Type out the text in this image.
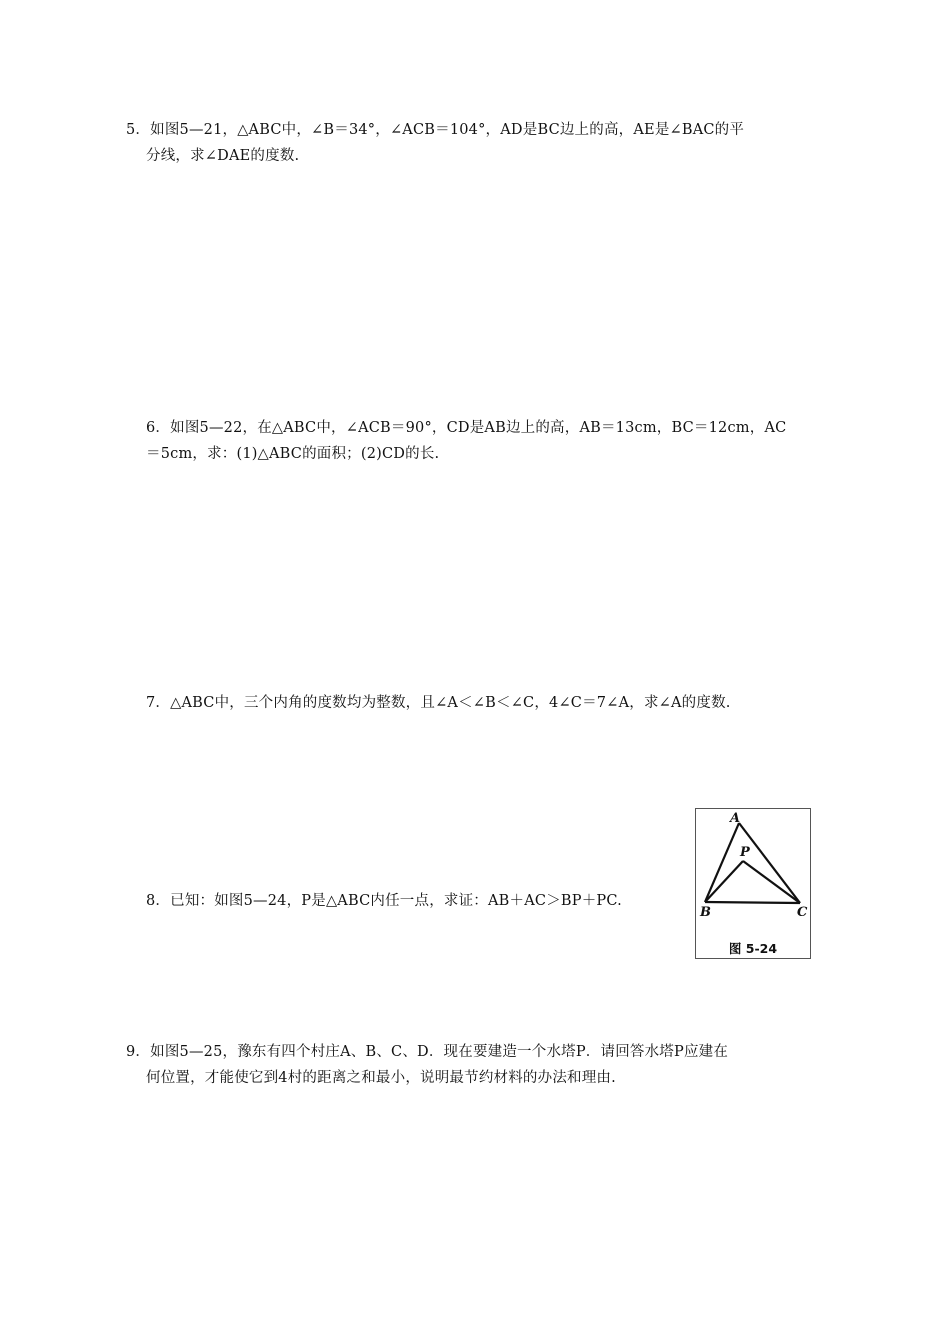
5．如图5—21，△ABC中，∠B＝34°，∠ACB＝104°，AD是BC边上的高，AE是∠BAC的平
分线，求∠DAE的度数.
6．如图5—22，在△ABC中，∠ACB＝90°，CD是AB边上的高，AB＝13cm，BC＝12cm，AC
＝5cm，求：(1)△ABC的面积；(2)CD的长.
7．△ABC中，三个内角的度数均为整数，且∠A＜∠B＜∠C，4∠C＝7∠A，求∠A的度数.
8．已知：如图5—24，P是△ABC内任一点，求证：AB＋AC＞BP＋PC.
A
P
B	C
图 5-24
9．如图5—25，豫东有四个村庄A、B、C、D．现在要建造一个水塔P．请回答水塔P应建在
何位置，才能使它到4村的距离之和最小，说明最节约材料的办法和理由.
